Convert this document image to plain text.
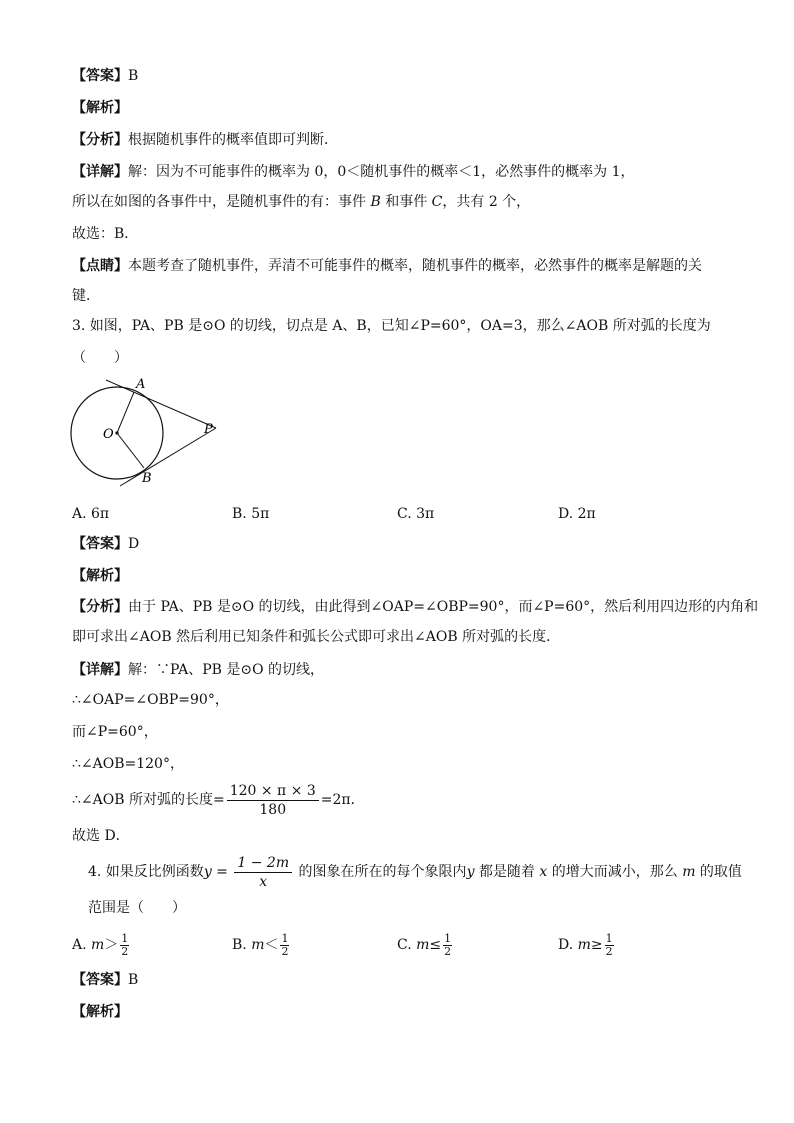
【答案】B
【解析】
【分析】根据随机事件的概率值即可判断．
【详解】解：因为不可能事件的概率为 0，0＜随机事件的概率＜1，必然事件的概率为 1，
所以在如图的各事件中，是随机事件的有：事件 B 和事件 C，共有 2 个，
故选：B．
【点睛】本题考查了随机事件，弄清不可能事件的概率，随机事件的概率，必然事件的概率是解题的关
键．
3. 如图，PA、PB 是⊙O 的切线，切点是 A、B，已知∠P=60°，OA=3，那么∠AOB 所对弧的长度为
（　　）
A
B
O	P
A. 6π	B. 5π	C. 3π	D. 2π
【答案】D
【解析】
【分析】由于 PA、PB 是⊙O 的切线，由此得到∠OAP=∠OBP=90°，而∠P=60°，然后利用四边形的内角和
即可求出∠AOB 然后利用已知条件和弧长公式即可求出∠AOB 所对弧的长度．
【详解】解：∵PA、PB 是⊙O 的切线，
∴∠OAP=∠OBP=90°，
而∠P=60°，
∴∠AOB=120°，
∴∠AOB 所对弧的长度= $\frac{120 \times \pi \times 3}{180} =2\pi$．
故选 D．
4. 如果反比例函数$y = \frac{1 - 2m}{x}$ 的图象在所在的每个象限内y 都是随着 x 的增大而减小，那么 m 的取值
范围是（　　）
A. $m> \frac{1}{2}$	B. $m< \frac{1}{2}$	C. $m\le \frac{1}{2}$	D. $m\ge \frac{1}{2}$
【答案】B
【解析】
